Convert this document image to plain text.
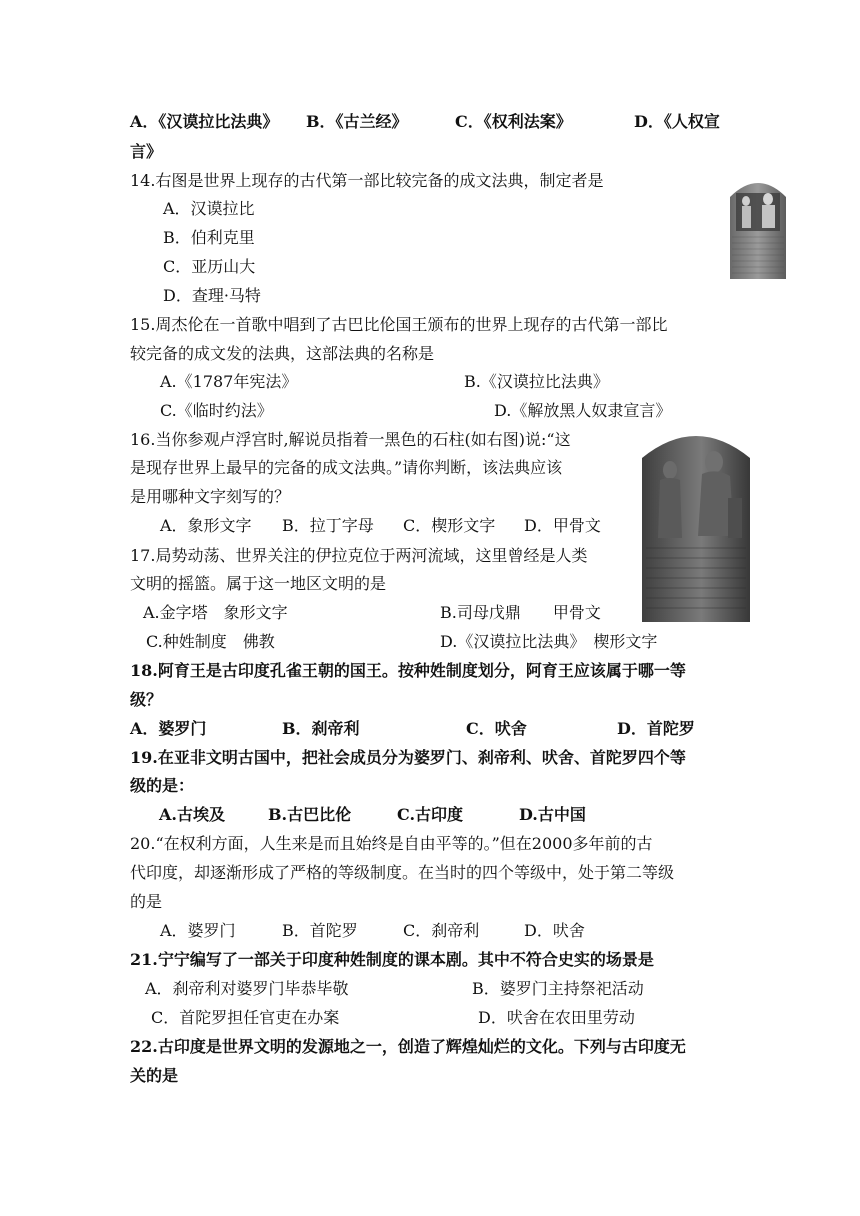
A．《汉谟拉比法典》 B．《古兰经》	C．《权利法案》	D．《人权宣
言》
14.右图是世界上现存的古代第一部比较完备的成文法典，制定者是
A．汉谟拉比
B．伯利克里
C．亚历山大
D．查理·马特
15.周杰伦在一首歌中唱到了古巴比伦国王颁布的世界上现存的古代第一部比
较完备的成文发的法典，这部法典的名称是
A.《1787年宪法》	B.《汉谟拉比法典》
C.《临时约法》	D.《解放黑人奴隶宣言》
16.当你参观卢浮宫时,解说员指着一黑色的石柱(如右图)说:“这
是现存世界上最早的完备的成文法典。”请你判断，该法典应该
是用哪种文字刻写的？
A．象形文字 B．拉丁字母 C．楔形文字 D．甲骨文
17.局势动荡、世界关注的伊拉克位于两河流域，这里曾经是人类
文明的摇篮。属于这一地区文明的是
A.金字塔　象形文字	B.司母戊鼎　　甲骨文
C.种姓制度　佛教	D.《汉谟拉比法典》　楔形文字
18.阿育王是古印度孔雀王朝的国王。按种姓制度划分，阿育王应该属于哪一等
级？
A．婆罗门	B．刹帝利	C．吠舍	D．首陀罗
19.在亚非文明古国中，把社会成员分为婆罗门、刹帝利、吠舍、首陀罗四个等
级的是：
A.古埃及	B.古巴比伦	C.古印度	D.古中国
20.“在权利方面，人生来是而且始终是自由平等的。”但在2000多年前的古
代印度，却逐渐形成了严格的等级制度。在当时的四个等级中，处于第二等级
的是
A．婆罗门	B．首陀罗	C．刹帝利	D．吠舍
21.宁宁编写了一部关于印度种姓制度的课本剧。其中不符合史实的场景是
A．刹帝利对婆罗门毕恭毕敬	B．婆罗门主持祭祀活动
C．首陀罗担任官吏在办案	D．吠舍在农田里劳动
22.古印度是世界文明的发源地之一，创造了辉煌灿烂的文化。下列与古印度无
关的是
